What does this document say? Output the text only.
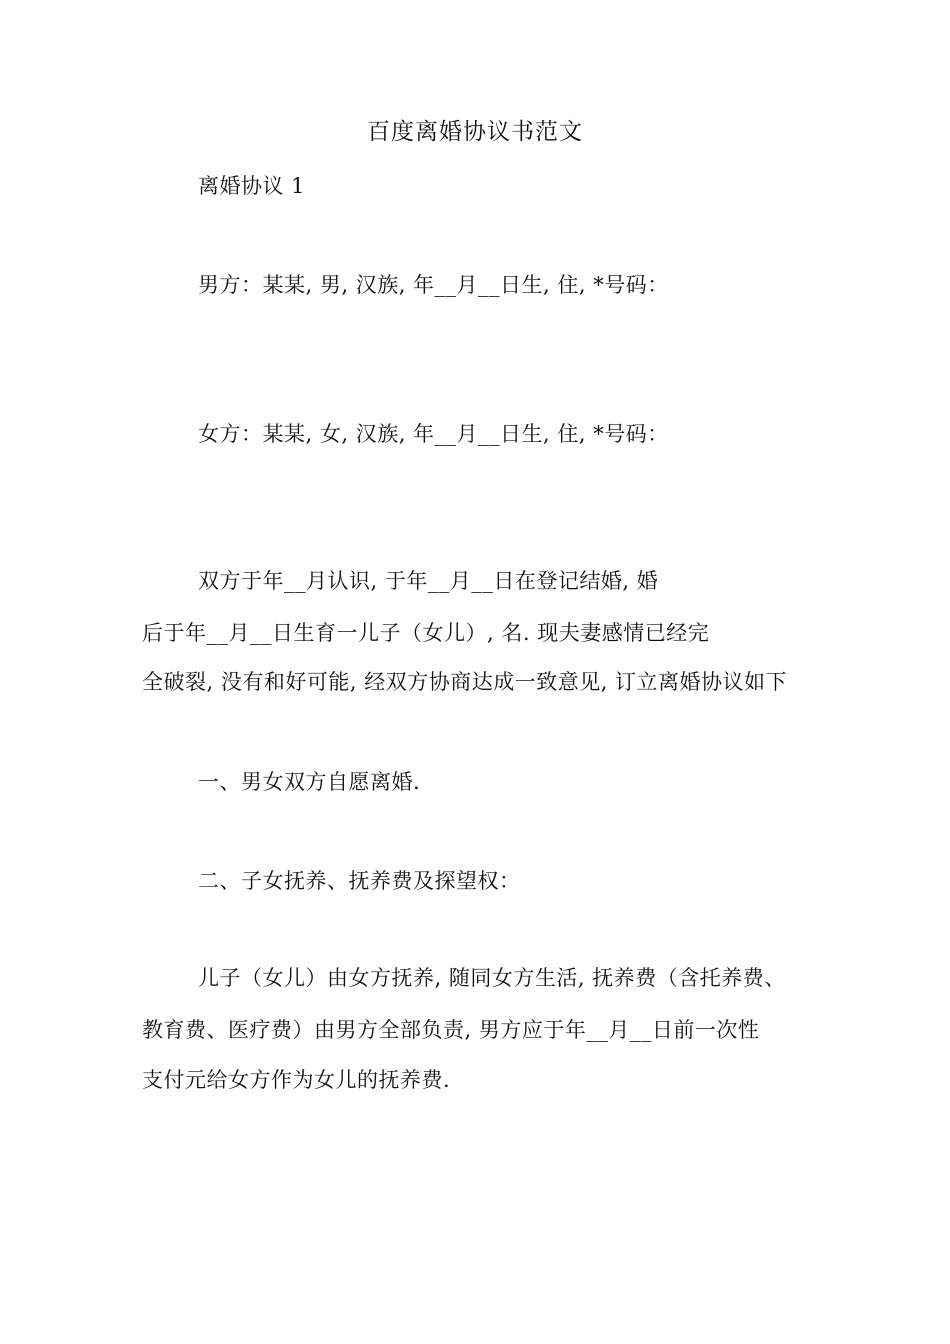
百度离婚协议书范文
离婚协议 1
男方：某某, 男, 汉族, 年__月__日生, 住, *号码：
女方：某某, 女, 汉族, 年__月__日生, 住, *号码：
双方于年__月认识, 于年__月__日在登记结婚, 婚
后于年__月__日生育一儿子（女儿）, 名. 现夫妻感情已经完
全破裂, 没有和好可能, 经双方协商达成一致意见, 订立离婚协议如下
一、男女双方自愿离婚.
二、子女抚养、抚养费及探望权：
儿子（女儿）由女方抚养, 随同女方生活, 抚养费（含托养费、
教育费、医疗费）由男方全部负责, 男方应于年__月__日前一次性
支付元给女方作为女儿的抚养费.
